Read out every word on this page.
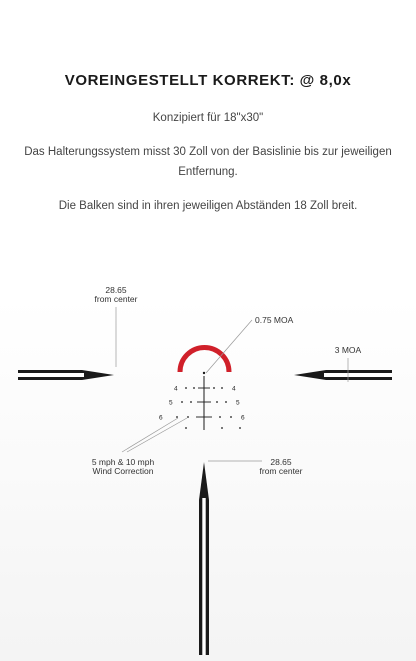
VOREINGESTELLT KORREKT: @ 8,0x
Konzipiert für 18"x30"
Das Halterungssystem misst 30 Zoll von der Basislinie bis zur jeweiligen
Entfernung.
Die Balken sind in ihren jeweiligen Abständen 18 Zoll breit.
4	4
5	5
6	6
28.65
from center
0.75 MOA
3 MOA
5 mph & 10 mph
Wind Correction
28.65
from center
